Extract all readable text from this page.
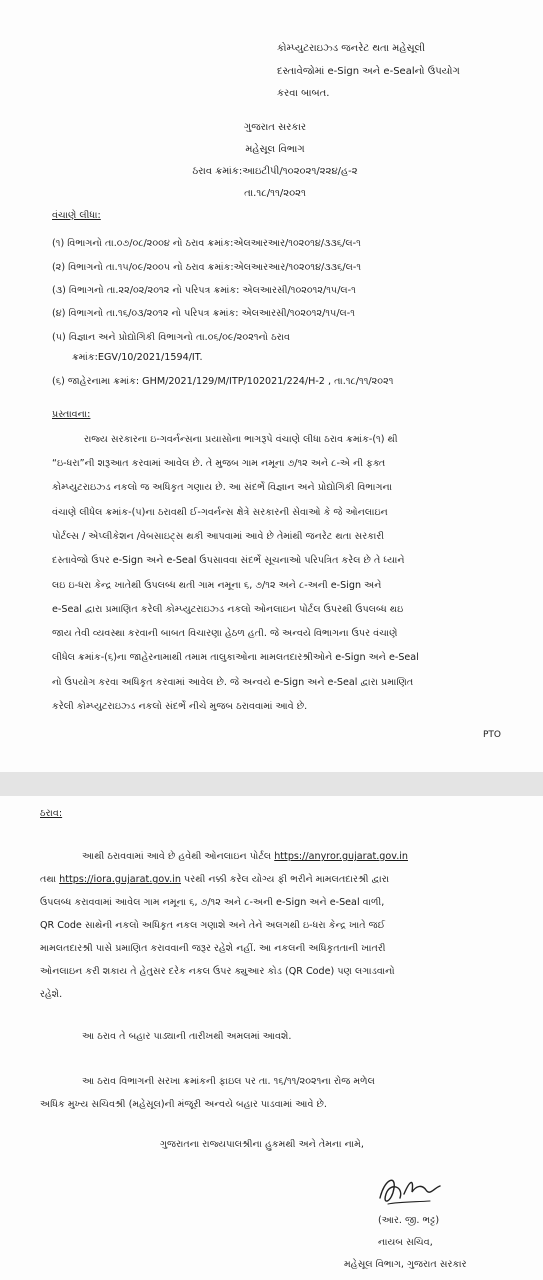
કોમ્પ્યુટરાઇઝ્ડ જનરેટ થતા મહેસૂલી
દસ્તાવેજોમાં e-Sign અને e-Sealનો ઉપયોગ
કરવા બાબત.
ગુજરાત સરકાર
મહેસૂલ વિભાગ
ઠરાવ ક્રમાંક:આઇટીપી/૧૦૨૦૨૧/૨૨૪/હ-૨
તા.૧૮/૧૧/૨૦૨૧
વંચાણે લીધા:
(૧) વિભાગનો તા.૦૭/૦૮/૨૦૦૪ નો ઠરાવ ક્રમાંક:એલઆરઆર/૧૦૨૦૧૪/૩૩૬/લ-૧
(૨) વિભાગનો તા.૧૫/૦૯/૨૦૦૫ નો ઠરાવ ક્રમાંક:એલઆરઆર/૧૦૨૦૧૪/૩૩૬/લ-૧
(૩) વિભાગનો તા.૨૨/૦૨/૨૦૧૨ નો પરિપત્ર ક્રમાંક: એલઆરસી/૧૦૨૦૧૨/૧૫/લ-૧
(૪) વિભાગનો તા.૧૬/૦૩/૨૦૧૨ નો પરિપત્ર ક્રમાંક: એલઆરસી/૧૦૨૦૧૨/૧૫/લ-૧
(૫) વિજ્ઞાન અને પ્રોદ્યોગિકી વિભાગનો તા.૦૬/૦૯/૨૦૨૧નો ઠરાવ
ક્રમાંક:EGV/10/2021/1594/IT.
(૬) જાહેરનામા ક્રમાંક: GHM/2021/129/M/ITP/102021/224/H-2 , તા.૧૮/૧૧/૨૦૨૧
પ્રસ્તાવના:
રાજ્ય સરકારના ઇ-ગવર્નન્સના પ્રયાસોના ભાગરૂપે વંચાણે લીધા ઠરાવ ક્રમાંક-(૧) થી
“ઇ-ધરા”ની શરૂઆત કરવામાં આવેલ છે. તે મુજબ ગામ નમૂના ૭/૧૨ અને ૮-એ ની ફક્ત
કોમ્પ્યુટરાઇઝ્ડ નકલો જ અધિકૃત ગણાય છે. આ સંદર્ભે વિજ્ઞાન અને પ્રોદ્યોગિકી વિભાગના
વંચાણે લીધેલ ક્રમાંક-(૫)ના ઠરાવથી ઈ-ગવર્નન્સ ક્ષેત્રે સરકારની સેવાઓ કે જે ઓનલાઇન
પોર્ટલ્સ / એપ્લીકેશન /વેબસાઇટ્સ થકી આપવામાં આવે છે તેમાંથી જનરેટ થતા સરકારી
દસ્તાવેજો ઉપર e-Sign અને e-Seal ઉપસાવવા સંદર્ભે સૂચનાઓ પરિપત્રિત કરેલ છે તે ધ્યાને
લઇ ઇ-ધરા કેન્દ્ર ખાતેથી ઉપલબ્ધ થતી ગામ નમૂના ૬, ૭/૧૨ અને ૮-અની e-Sign અને
e-Seal દ્વારા પ્રમાણિત કરેલી કોમ્પ્યુટરાઇઝ્ડ નકલો ઓનલાઇન પોર્ટલ ઉપરથી ઉપલબ્ધ થઇ
જાય તેવી વ્યવસ્થા કરવાની બાબત વિચારણા હેઠળ હતી. જે અન્વયે વિભાગના ઉપર વંચાણે
લીધેલ ક્રમાંક-(૬)ના જાહેરનામાથી તમામ તાલુકાઓના મામલતદારશ્રીઓને e-Sign અને e-Seal
નો ઉપયોગ કરવા અધિકૃત કરવામાં આવેલ છે. જે અન્વયે e-Sign અને e-Seal દ્વારા પ્રમાણિત
કરેલી કોમ્પ્યુટરાઇઝ્ડ નકલો સંદર્ભે નીચે મુજબ ઠરાવવામાં આવે છે.
PTO
ઠરાવ:
આથી ઠરાવવામાં આવે છે હવેથી ઓનલાઇન પોર્ટલ https://anyror.gujarat.gov.in
તથા https://iora.gujarat.gov.in પરથી નક્કી કરેલ યોગ્ય ફી ભરીને મામલતદારશ્રી દ્વારા
ઉપલબ્ધ કરાવવામાં આવેલ ગામ નમૂના ૬, ૭/૧૨ અને ૮-અની e-Sign અને e-Seal વાળી,
QR Code સાથેની નકલો અધિકૃત નકલ ગણાશે અને તેને અલગથી ઇ-ધરા કેન્દ્ર ખાતે જઈ
મામલતદારશ્રી પાસે પ્રમાણિત કરાવવાની જરૂર રહેશે નહીં. આ નકલની અધિકૃતતાની ખાતરી
ઓનલાઇન કરી શકાય તે હેતુસર દરેક નકલ ઉપર ક્યુઆર કોડ (QR Code) પણ લગાડવાનો
રહેશે.
આ ઠરાવ તે બહાર પાડ્યાની તારીખથી અમલમાં આવશે.
આ ઠરાવ વિભાગની સરખા ક્રમાંકની ફાઇલ પર તા. ૧૬/૧૧/૨૦૨૧ના રોજ મળેલ
અધિક મુખ્ય સચિવશ્રી (મહેસૂલ)ની મંજૂરી અન્વયે બહાર પાડવામાં આવે છે.
ગુજરાતના રાજ્યપાલશ્રીના હુકમથી અને તેમના નામે,
(આર. જી. ભટ્ટ)
નાયબ સચિવ,
મહેસૂલ વિભાગ, ગુજરાત સરકાર
